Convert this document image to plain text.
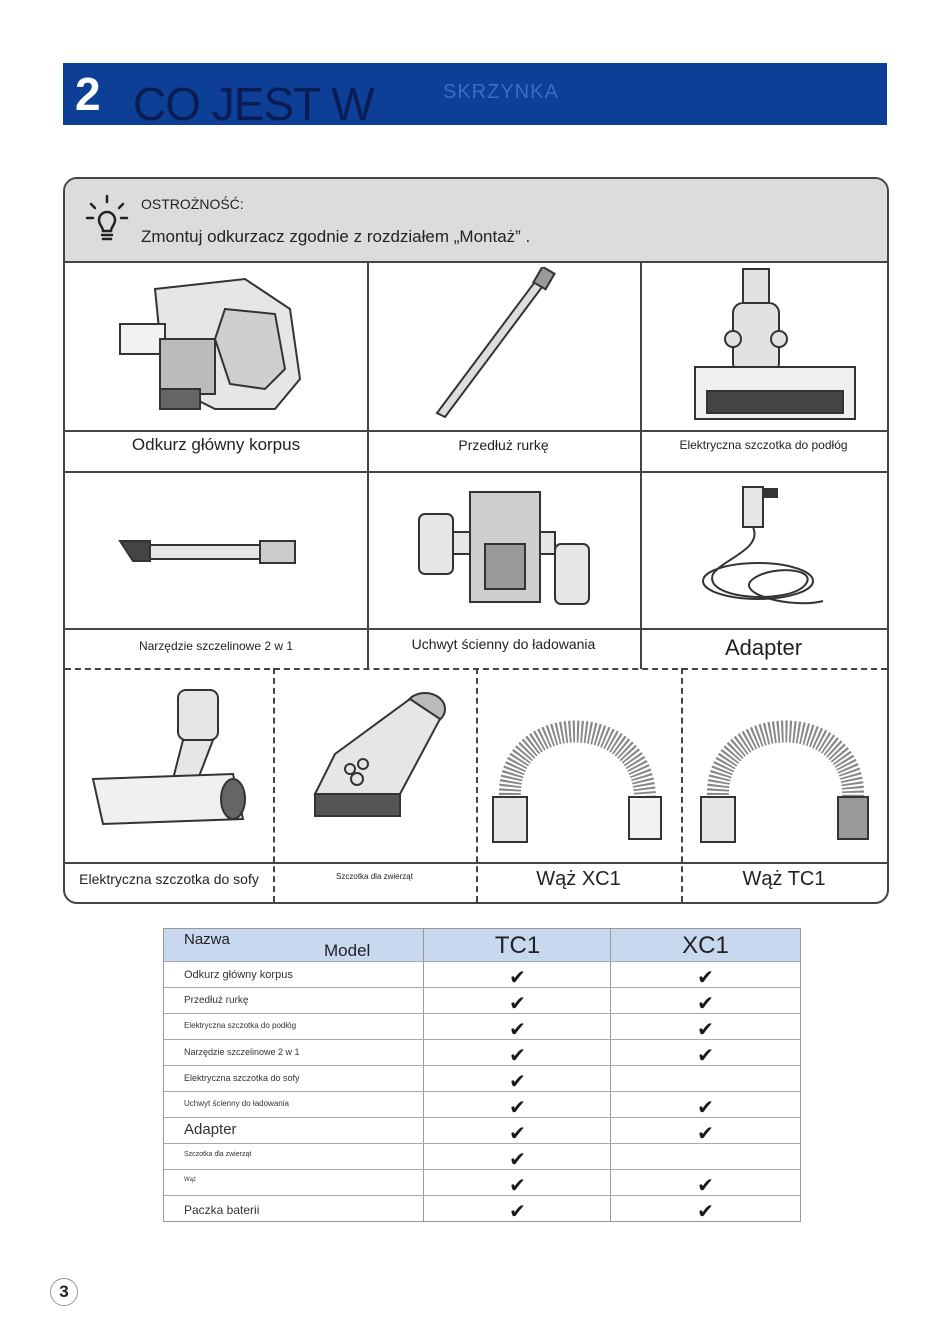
2 CO JEST W	SKRZYNKA
OSTROŻNOŚĆ:
Zmontuj odkurzacz zgodnie z rozdziałem „Montaż” .
Odkurz główny korpus	Przedłuż rurkę	Elektryczna szczotka do podłóg
Narzędzie szczelinowe 2 w 1	Uchwyt ścienny do ładowania	Adapter
Elektryczna szczotka do sofy	Szczotka dla zwierząt	Wąż XC1	Wąż TC1
Nazwa
Model	TC1	XC1
Odkurz główny korpus	✔	✔
Przedłuż rurkę	✔	✔
Elektryczna szczotka do podłóg	✔	✔
Narzędzie szczelinowe 2 w 1	✔	✔
Elektryczna szczotka do sofy	✔
Uchwyt ścienny do ładowania	✔	✔
Adapter	✔	✔
Szczotka dla zwierząt	✔
Wąż	✔	✔
Paczka baterii	✔	✔
3
